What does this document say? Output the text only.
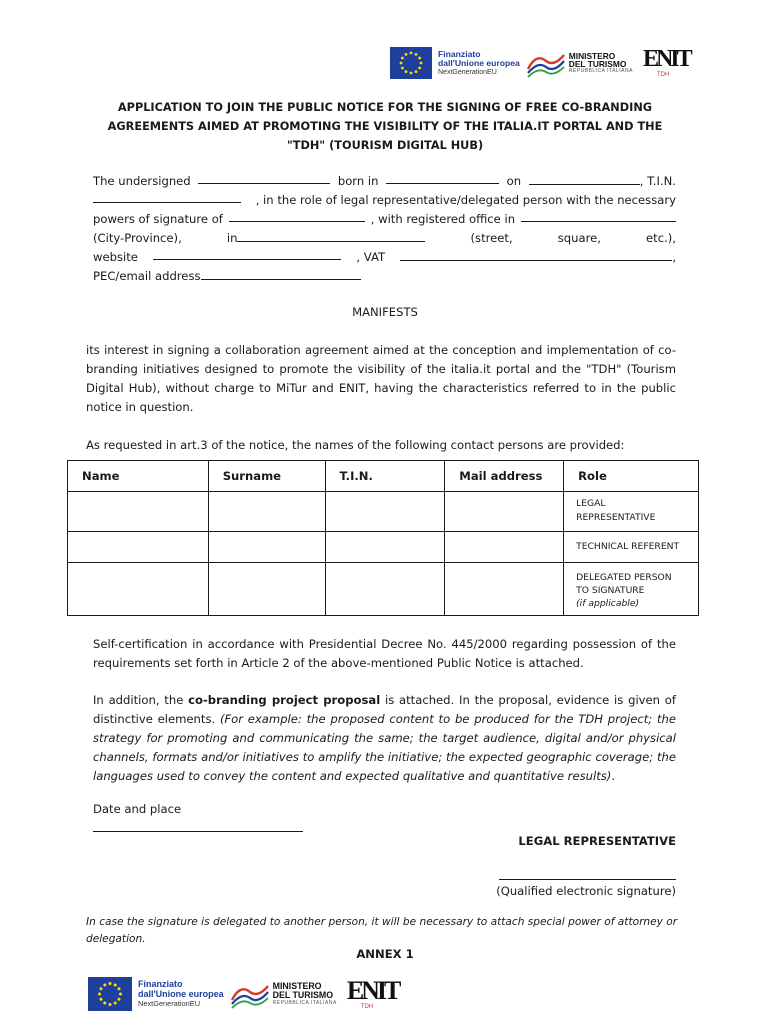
Finanziato
dall'Unione europea
NextGenerationEU
MINISTERO
DEL TURISMO
REPUBBLICA ITALIANA ENIT
TDH
APPLICATION TO JOIN THE PUBLIC NOTICE FOR THE SIGNING OF FREE CO-BRANDING AGREEMENTS AIMED AT PROMOTING THE VISIBILITY OF THE ITALIA.IT PORTAL AND THE "TDH" (TOURISM DIGITAL HUB)
The undersigned	born in	on	, T.I.N.
, in the role of legal representative/delegated person with the necessary
powers of signature of	, with registered office in
(City-Province),	in	(street,	square,	etc.),
website	, VAT	,
PEC/email address
MANIFESTS
its interest in signing a collaboration agreement aimed at the conception and implementation of co-branding initiatives designed to promote the visibility of the italia.it portal and the "TDH" (Tourism Digital Hub), without charge to MiTur and ENIT, having the characteristics referred to in the public notice in question.
As requested in art.3 of the notice, the names of the following contact persons are provided:
Name	Surname	T.I.N.	Mail address	Role

				LEGAL
REPRESENTATIVE

				TECHNICAL REFERENT

				DELEGATED PERSON
TO SIGNATURE
(if applicable)
Self-certification in accordance with Presidential Decree No. 445/2000 regarding possession of the requirements set forth in Article 2 of the above-mentioned Public Notice is attached.
In addition, the co-branding project proposal is attached. In the proposal, evidence is given of distinctive elements. (For example: the proposed content to be produced for the TDH project; the strategy for promoting and communicating the same; the target audience, digital and/or physical channels, formats and/or initiatives to amplify the initiative; the expected geographic coverage; the languages used to convey the content and expected qualitative and quantitative results).
Date and place
LEGAL REPRESENTATIVE
(Qualified electronic signature)
In case the signature is delegated to another person, it will be necessary to attach special power of attorney or delegation.
ANNEX 1
Finanziato
dall'Unione europea
NextGenerationEU
MINISTERO
DEL TURISMO
REPUBBLICA ITALIANA ENIT
TDH
